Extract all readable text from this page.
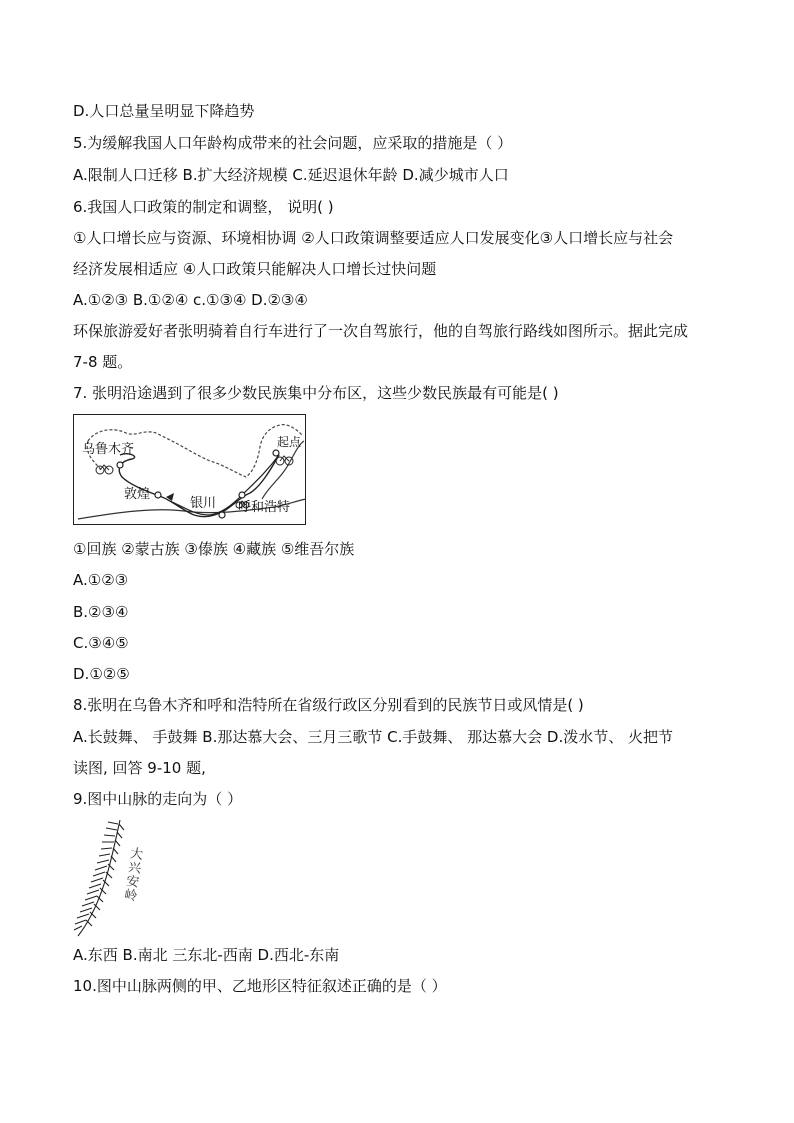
D.人口总量呈明显下降趋势
5.为缓解我国人口年龄构成带来的社会问题，应采取的措施是（ ）
A.限制人口迁移 B.扩大经济规模 C.延迟退休年龄 D.减少城市人口
6.我国人口政策的制定和调整， 说明( )
①人口增长应与资源、环境相协调 ②人口政策调整要适应人口发展变化③人口增长应与社会
经济发展相适应 ④人口政策只能解决人口增长过快问题
A.①②③ B.①②④ c.①③④ D.②③④
环保旅游爱好者张明骑着自行车进行了一次自驾旅行，他的自驾旅行路线如图所示。据此完成
7-8 题。
7. 张明沿途遇到了很多少数民族集中分布区，这些少数民族最有可能是( )
乌鲁木齐	起点
敦煌
银川 呼和浩特
①回族 ②蒙古族 ③傣族 ④藏族 ⑤维吾尔族
A.①②③
B.②③④
C.③④⑤
D.①②⑤
8.张明在乌鲁木齐和呼和浩特所在省级行政区分别看到的民族节日或风情是( )
A.长鼓舞、 手鼓舞 B.那达慕大会、三月三歌节 C.手鼓舞、 那达慕大会 D.泼水节、 火把节
读图, 回答 9-10 题,
9.图中山脉的走向为（ ）
大兴安岭
A.东西 B.南北 三东北-西南 D.西北-东南
10.图中山脉两侧的甲、乙地形区特征叙述正确的是（ ）
